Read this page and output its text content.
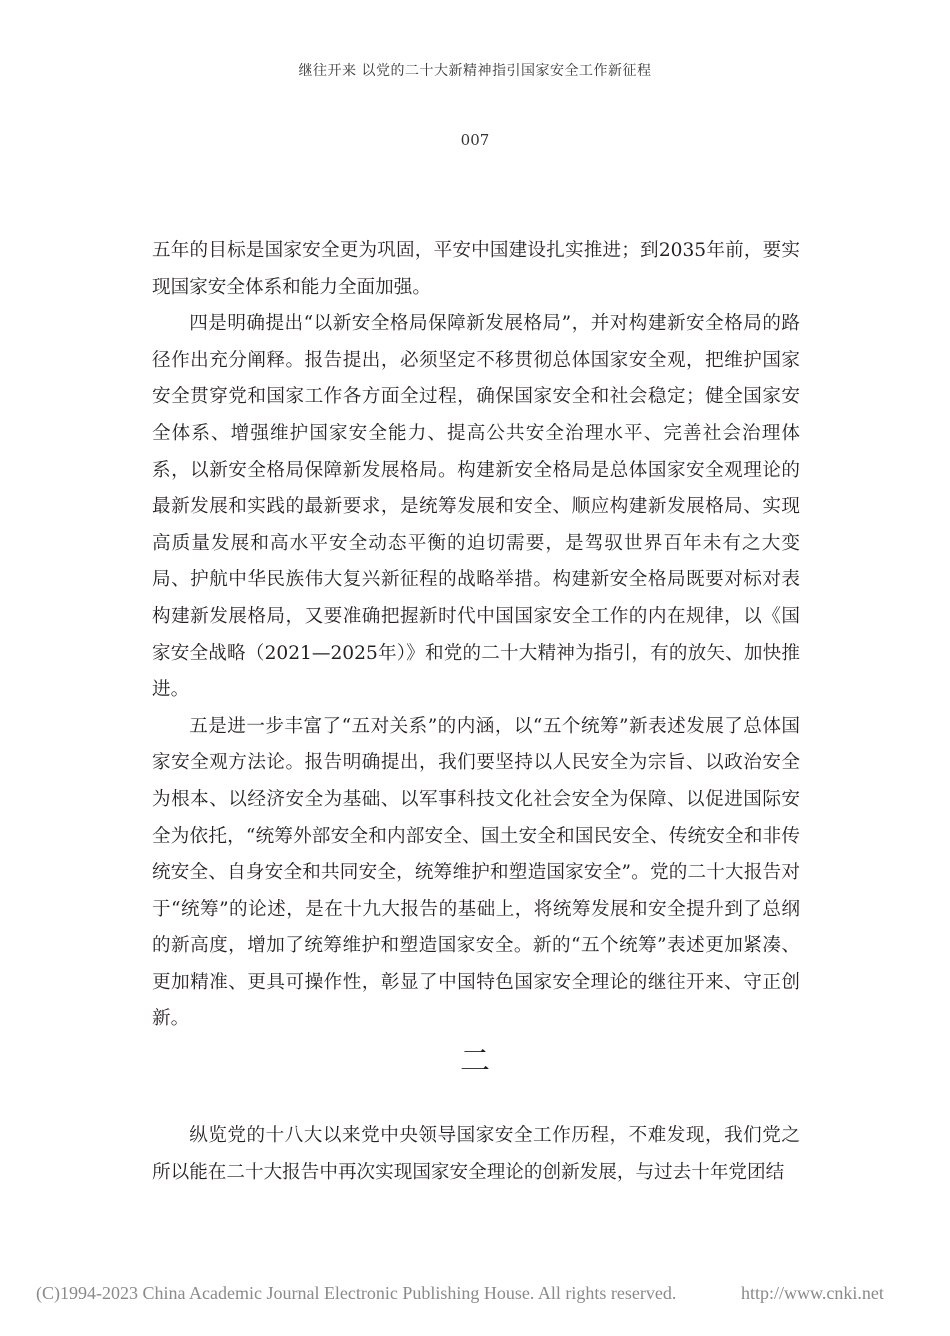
继往开来 以党的二十大新精神指引国家安全工作新征程
007

五年的目标是国家安全更为巩固，平安中国建设扎实推进；到2035年前，要实现国家安全体系和能力全面加强。

四是明确提出“以新安全格局保障新发展格局”，并对构建新安全格局的路径作出充分阐释。报告提出，必须坚定不移贯彻总体国家安全观，把维护国家安全贯穿党和国家工作各方面全过程，确保国家安全和社会稳定；健全国家安全体系、增强维护国家安全能力、提高公共安全治理水平、完善社会治理体系，以新安全格局保障新发展格局。构建新安全格局是总体国家安全观理论的最新发展和实践的最新要求，是统筹发展和安全、顺应构建新发展格局、实现高质量发展和高水平安全动态平衡的迫切需要，是驾驭世界百年未有之大变局、护航中华民族伟大复兴新征程的战略举措。构建新安全格局既要对标对表构建新发展格局，又要准确把握新时代中国国家安全工作的内在规律，以《国家安全战略（2021—2025年）》和党的二十大精神为指引，有的放矢、加快推进。

五是进一步丰富了“五对关系”的内涵，以“五个统筹”新表述发展了总体国家安全观方法论。报告明确提出，我们要坚持以人民安全为宗旨、以政治安全为根本、以经济安全为基础、以军事科技文化社会安全为保障、以促进国际安全为依托，“统筹外部安全和内部安全、国土安全和国民安全、传统安全和非传统安全、自身安全和共同安全，统筹维护和塑造国家安全”。党的二十大报告对于“统筹”的论述，是在十九大报告的基础上，将统筹发展和安全提升到了总纲的新高度，增加了统筹维护和塑造国家安全。新的“五个统筹”表述更加紧凑、更加精准、更具可操作性，彰显了中国特色国家安全理论的继往开来、守正创新。

二

纵览党的十八大以来党中央领导国家安全工作历程，不难发现，我们党之所以能在二十大报告中再次实现国家安全理论的创新发展，与过去十年党团结

(C)1994-2023 China Academic Journal Electronic Publishing House. All rights reserved.	http://www.cnki.net
